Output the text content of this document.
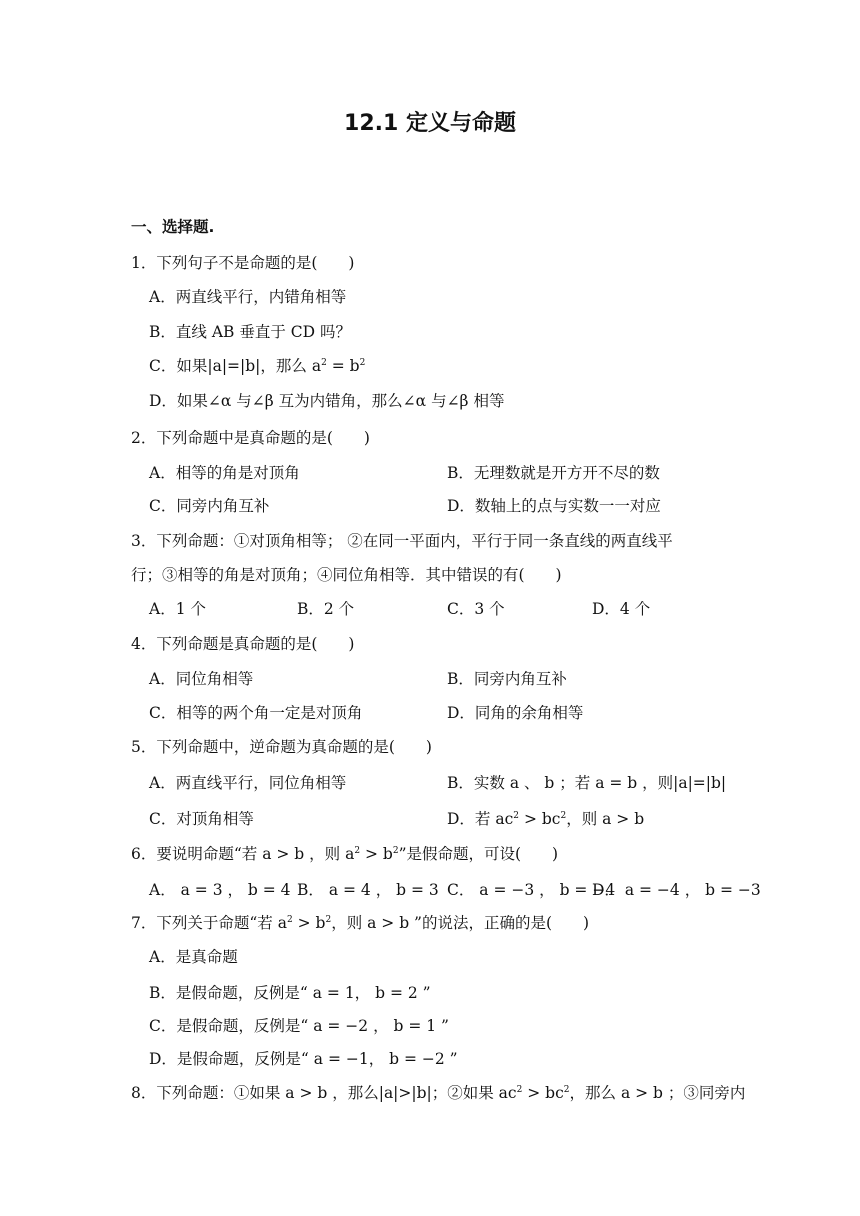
12.1 定义与命题
一、选择题.
1．下列句子不是命题的是(　　)
A．两直线平行，内错角相等
B．直线 AB 垂直于 CD 吗？
C．如果|a|=|b|，那么 $a^2 = b^2$
D．如果∠α 与∠β 互为内错角，那么∠α 与∠β 相等
2．下列命题中是真命题的是(　　)
A．相等的角是对顶角	B．无理数就是开方开不尽的数
C．同旁内角互补	D．数轴上的点与实数一一对应
3．下列命题：①对顶角相等； ②在同一平面内，平行于同一条直线的两直线平
行；③相等的角是对顶角；④同位角相等．其中错误的有(　　)
A．1 个	B．2 个	C．3 个	D．4 个
4．下列命题是真命题的是(　　)
A．同位角相等	B．同旁内角互补
C．相等的两个角一定是对顶角	D．同角的余角相等
5．下列命题中，逆命题为真命题的是(　　)
A．两直线平行，同位角相等	B．实数 a 、 b ；若 a = b ，则|a|=|b|
C．对顶角相等	D．若 $ac^2 > bc^2$，则 a > b
6．要说明命题“若 a > b ，则 $a^2 > b^2$”是假命题，可设(　　)
A． a = 3 ， b = 4 B． a = 4 ， b = 3 C． a = −3 ， b = −4
D． a = −4 ， b = −3
7．下列关于命题“若 $a^2 > b^2$，则 a > b ”的说法，正确的是(　　)
A．是真命题
B．是假命题，反例是“ a = 1， b = 2 ”
C．是假命题，反例是“ a = −2 ， b = 1 ”
D．是假命题，反例是“ a = −1， b = −2 ”
8．下列命题：①如果 a > b ，那么|a|>|b|；②如果 $ac^2 > bc^2$，那么 a > b ；③同旁内
